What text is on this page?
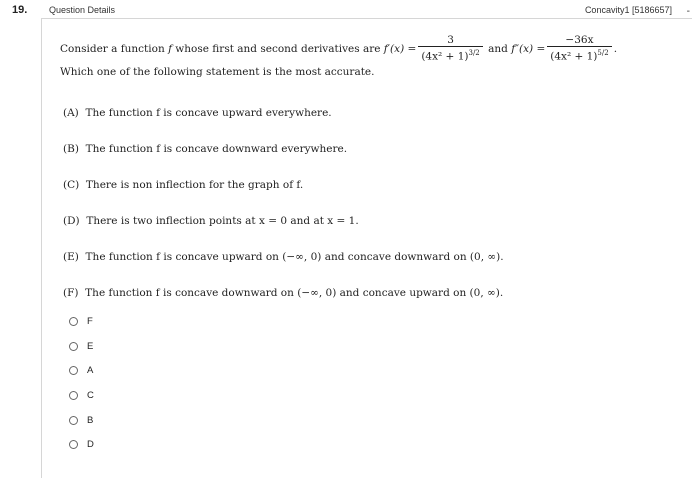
19. Question Details	Concavity1 [5186657] -
Consider a function
f
whose first and second derivatives are
$f'(x) = \frac{3}{(4x^2 + 1)^{3/2}}$
and
$f''(x) = \frac{-36x}{(4x^2 + 1)^{5/2}}$ .
Which one of the following statement is the most accurate.
(A) The function f is concave upward everywhere.
(B) The function f is concave downward everywhere.
(C) There is non inflection for the graph of f.
(D) There is two inflection points at x = 0 and at x = 1.
(E) The function f is concave upward on (−∞, 0) and concave downward on (0, ∞).
(F) The function f is concave downward on (−∞, 0) and concave upward on (0, ∞).
F
E
A
C
B
D
